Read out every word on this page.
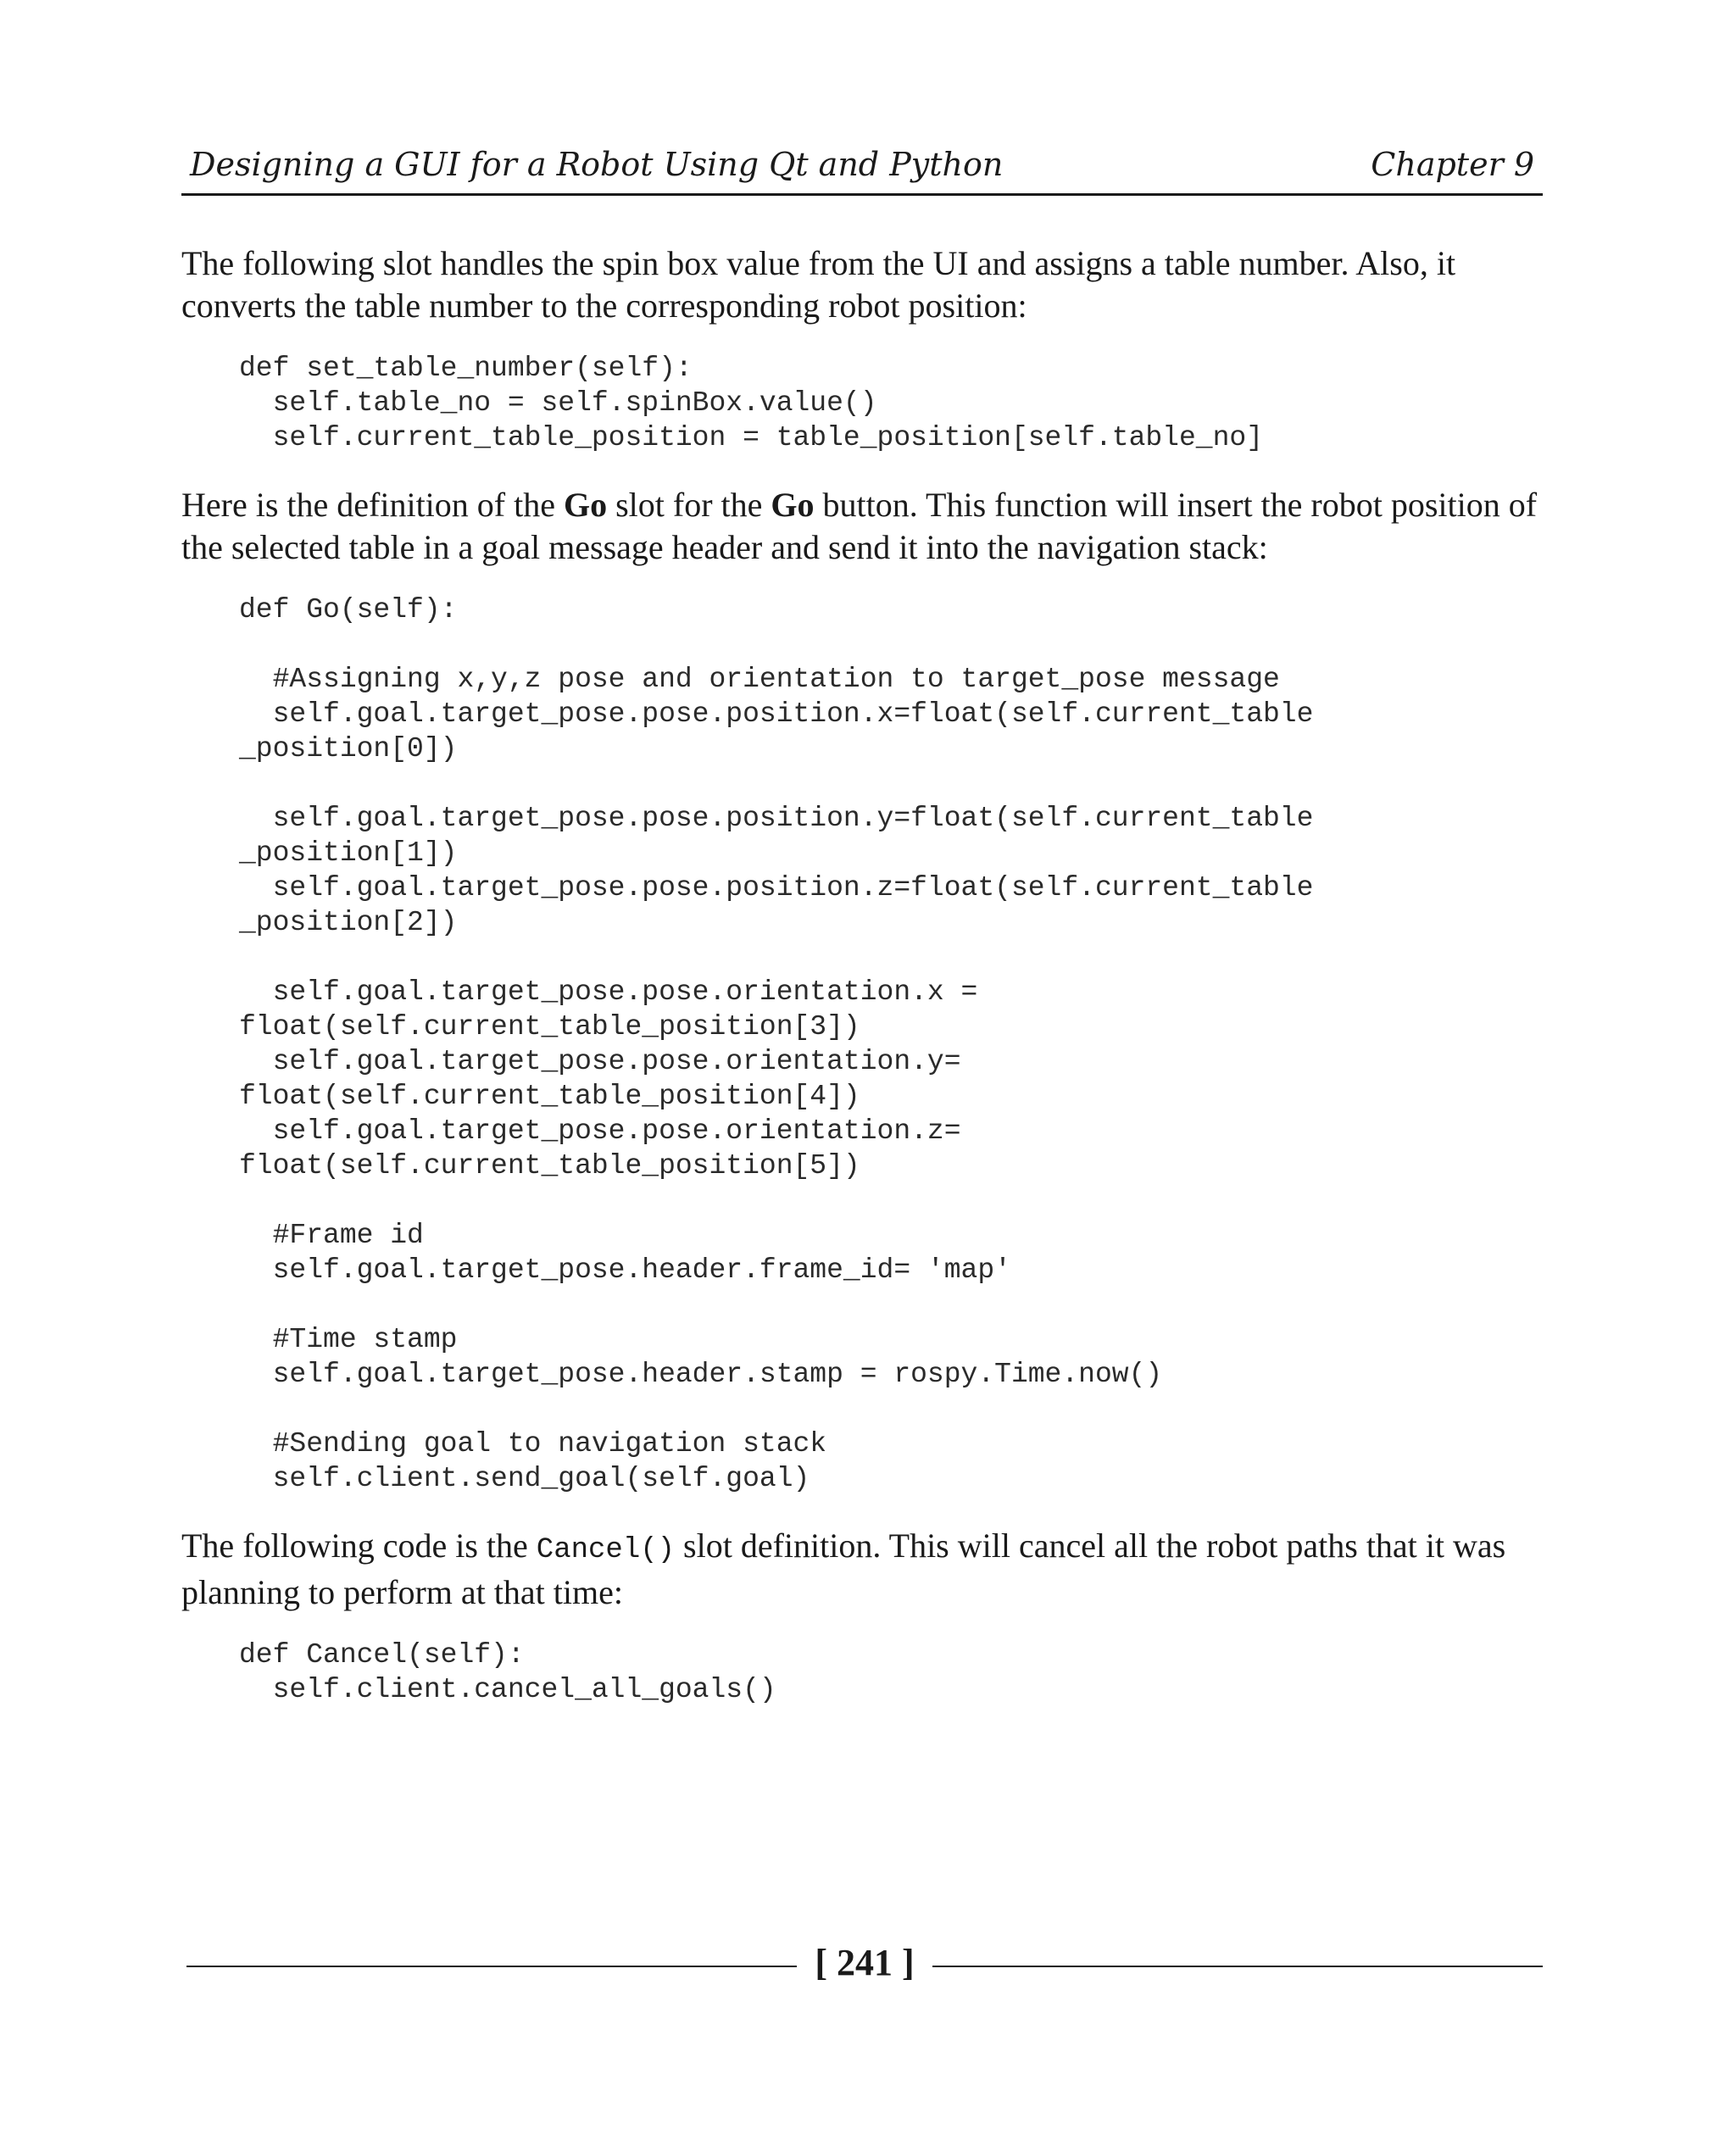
Designing a GUI for a Robot Using Qt and Python	Chapter 9

The following slot handles the spin box value from the UI and assigns a table number. Also, it converts the table number to the corresponding robot position:

def set_table_number(self):
self.table_no = self.spinBox.value()
self.current_table_position = table_position[self.table_no]

Here is the definition of the Go slot for the Go button. This function will insert the robot position of the selected table in a goal message header and send it into the navigation stack:

def Go(self):

#Assigning x,y,z pose and orientation to target_pose message
self.goal.target_pose.pose.position.x=float(self.current_table
_position[0])

self.goal.target_pose.pose.position.y=float(self.current_table
_position[1])
self.goal.target_pose.pose.position.z=float(self.current_table
_position[2])

self.goal.target_pose.pose.orientation.x =
float(self.current_table_position[3])
self.goal.target_pose.pose.orientation.y=
float(self.current_table_position[4])
self.goal.target_pose.pose.orientation.z=
float(self.current_table_position[5])

#Frame id
self.goal.target_pose.header.frame_id= 'map'

#Time stamp
self.goal.target_pose.header.stamp = rospy.Time.now()

#Sending goal to navigation stack
self.client.send_goal(self.goal)

The following code is the Cancel() slot definition. This will cancel all the robot paths that it was planning to perform at that time:

def Cancel(self):
self.client.cancel_all_goals()
[ 241 ]
